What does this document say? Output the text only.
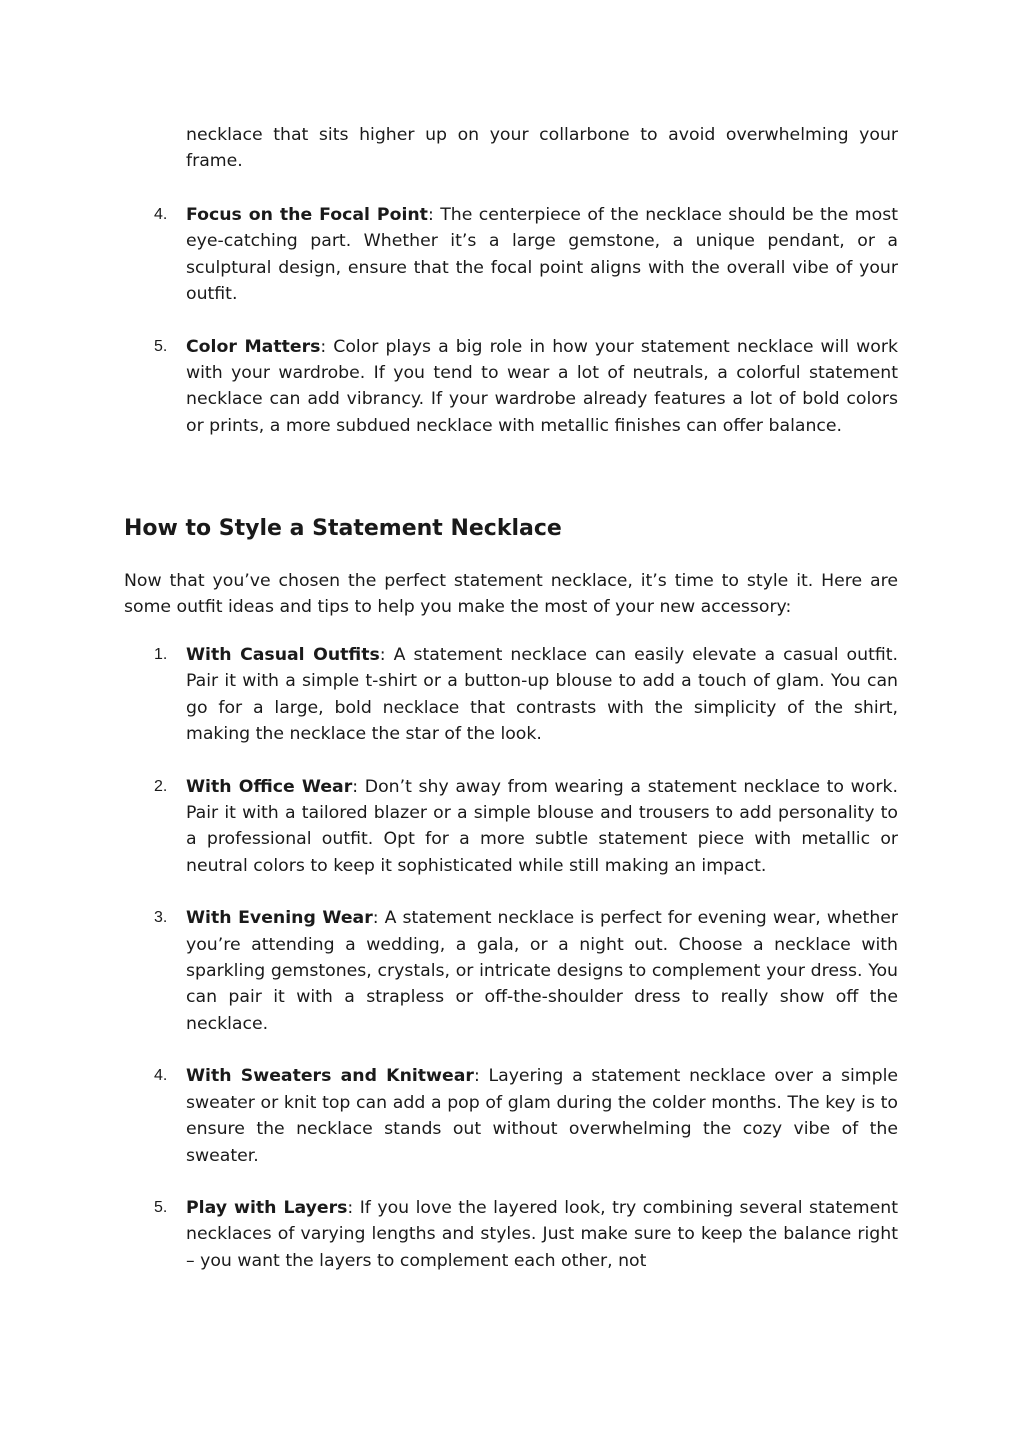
necklace that sits higher up on your collarbone to avoid overwhelming your frame.

4. Focus on the Focal Point: The centerpiece of the necklace should be the most eye-catching part. Whether it’s a large gemstone, a unique pendant, or a sculptural design, ensure that the focal point aligns with the overall vibe of your outfit.
5. Color Matters: Color plays a big role in how your statement necklace will work with your wardrobe. If you tend to wear a lot of neutrals, a colorful statement necklace can add vibrancy. If your wardrobe already features a lot of bold colors or prints, a more subdued necklace with metallic finishes can offer balance.
How to Style a Statement Necklace

Now that you’ve chosen the perfect statement necklace, it’s time to style it. Here are some outfit ideas and tips to help you make the most of your new accessory:

1. With Casual Outfits: A statement necklace can easily elevate a casual outfit. Pair it with a simple t-shirt or a button-up blouse to add a touch of glam. You can go for a large, bold necklace that contrasts with the simplicity of the shirt, making the necklace the star of the look.
2. With Office Wear: Don’t shy away from wearing a statement necklace to work. Pair it with a tailored blazer or a simple blouse and trousers to add personality to a professional outfit. Opt for a more subtle statement piece with metallic or neutral colors to keep it sophisticated while still making an impact.
3. With Evening Wear: A statement necklace is perfect for evening wear, whether you’re attending a wedding, a gala, or a night out. Choose a necklace with sparkling gemstones, crystals, or intricate designs to complement your dress. You can pair it with a strapless or off-the-shoulder dress to really show off the necklace.
4. With Sweaters and Knitwear: Layering a statement necklace over a simple sweater or knit top can add a pop of glam during the colder months. The key is to ensure the necklace stands out without overwhelming the cozy vibe of the sweater.
5. Play with Layers: If you love the layered look, try combining several statement necklaces of varying lengths and styles. Just make sure to keep the balance right – you want the layers to complement each other, not
